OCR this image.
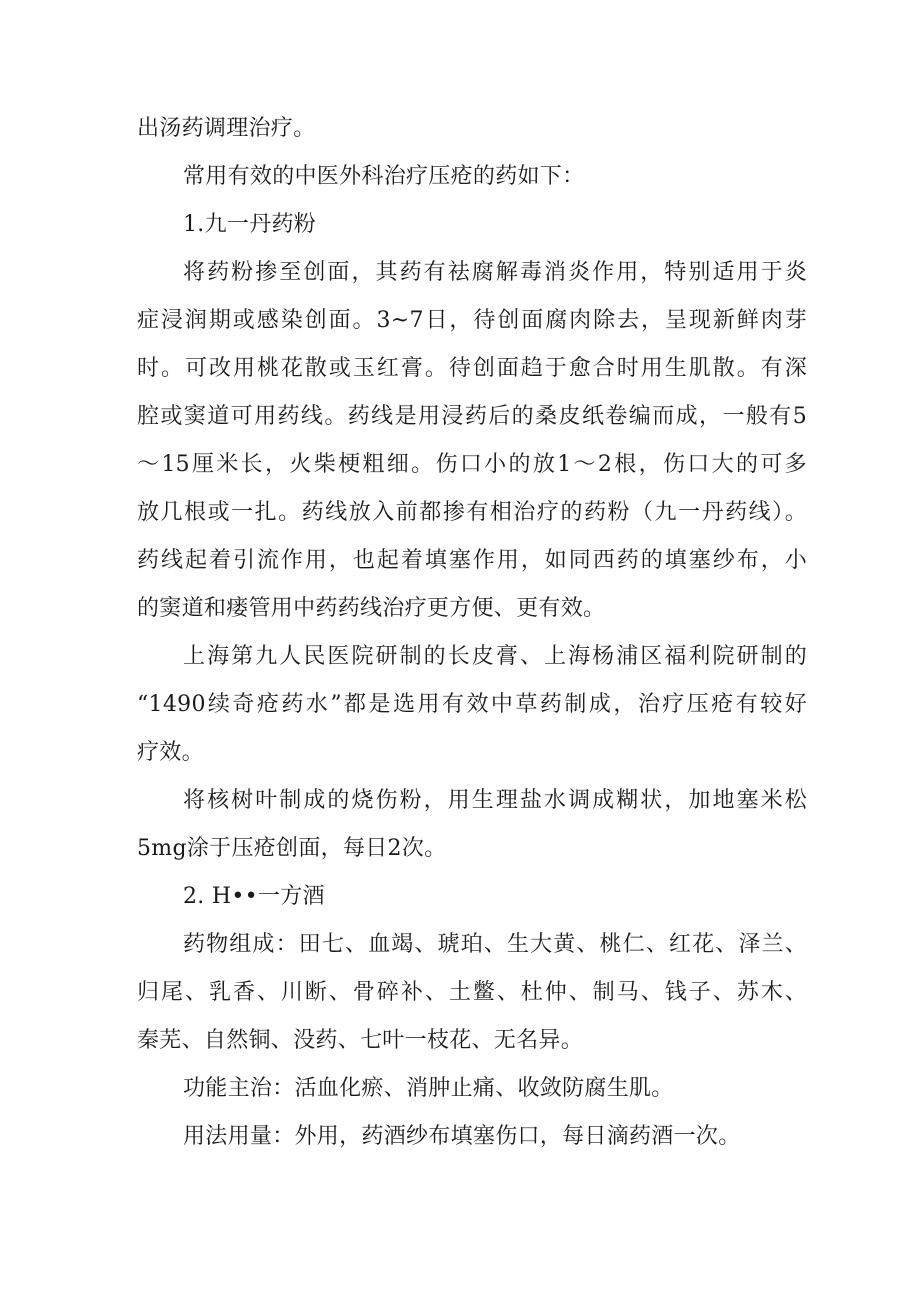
出汤药调理治疗。
常用有效的中医外科治疗压疮的药如下：
1.九一丹药粉
将药粉掺至创面，其药有祛腐解毒消炎作用，特别适用于炎
症浸润期或感染创面。3~7日，待创面腐肉除去，呈现新鲜肉芽
时。可改用桃花散或玉红膏。待创面趋于愈合时用生肌散。有深
腔或窦道可用药线。药线是用浸药后的桑皮纸卷编而成，一般有5
～15厘米长，火柴梗粗细。伤口小的放1～2根，伤口大的可多
放几根或一扎。药线放入前都掺有相治疗的药粉（九一丹药线）。
药线起着引流作用，也起着填塞作用，如同西药的填塞纱布，小
的窦道和瘘管用中药药线治疗更方便、更有效。
上海第九人民医院研制的长皮膏、上海杨浦区福利院研制的
“1490续奇疮药水”都是选用有效中草药制成，治疗压疮有较好
疗效。
将核树叶制成的烧伤粉，用生理盐水调成糊状，加地塞米松
5mg涂于压疮创面，每日2次。
2. H••一方酒
药物组成：田七、血竭、琥珀、生大黄、桃仁、红花、泽兰、
归尾、乳香、川断、骨碎补、土鳖、杜仲、制马、钱子、苏木、
秦芜、自然铜、没药、七叶一枝花、无名异。
功能主治：活血化瘀、消肿止痛、收敛防腐生肌。
用法用量：外用，药酒纱布填塞伤口，每日滴药酒一次。
